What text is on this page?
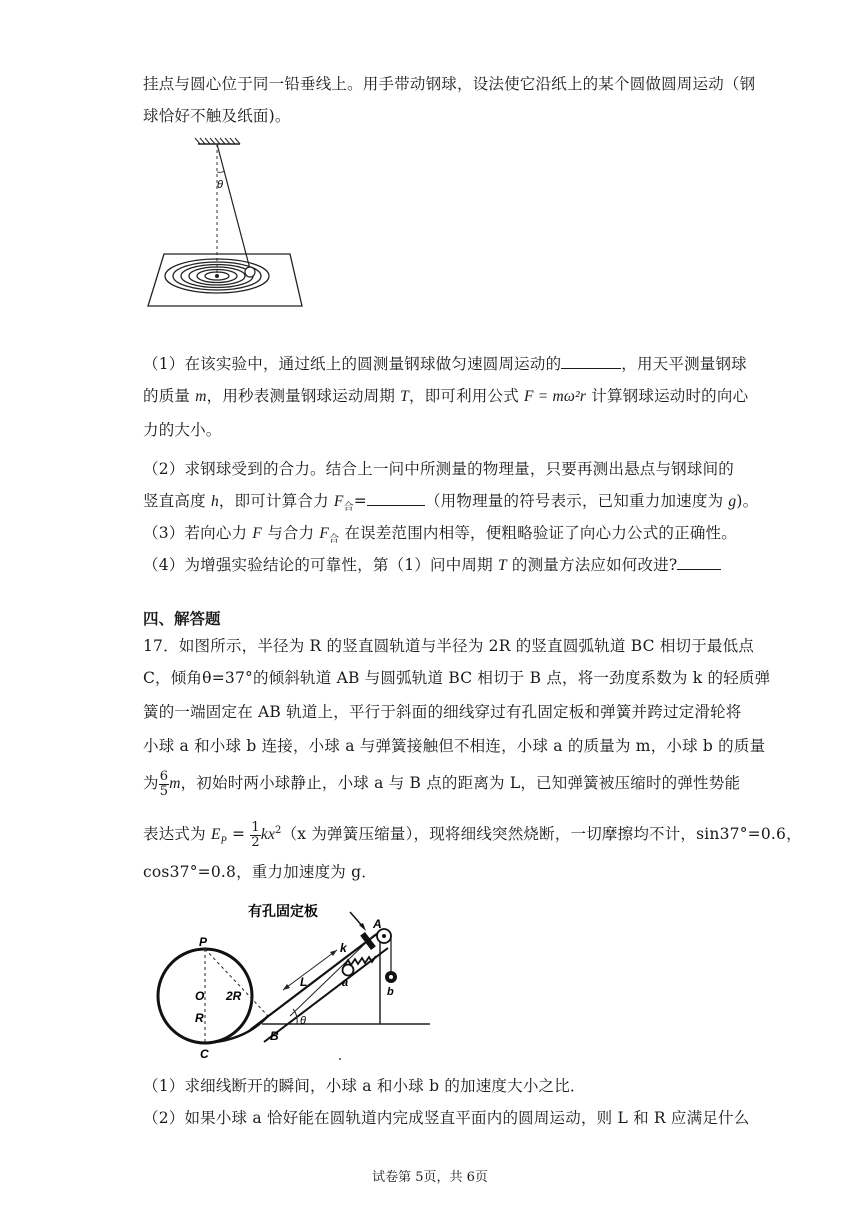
挂点与圆心位于同一铅垂线上。用手带动钢球，设法使它沿纸上的某个圆做圆周运动（钢
球恰好不触及纸面)。
θ
（1）在该实验中，通过纸上的圆测量钢球做匀速圆周运动的	，用天平测量钢球
的质量 m，用秒表测量钢球运动周期 T，即可利用公式 F = mω²r 计算钢球运动时的向心
力的大小。
（2）求钢球受到的合力。结合上一问中所测量的物理量，只要再测出悬点与钢球间的
竖直高度 h，即可计算合力 $F_合=$	（用物理量的符号表示，已知重力加速度为 g)。
（3）若向心力 F 与合力 $F_合$ 在误差范围内相等，便粗略验证了向心力公式的正确性。
（4）为增强实验结论的可靠性，第（1）问中周期 T 的测量方法应如何改进?
四、解答题
17．如图所示，半径为 R 的竖直圆轨道与半径为 2R 的竖直圆弧轨道 BC 相切于最低点
C，倾角θ=37°的倾斜轨道 AB 与圆弧轨道 BC 相切于 B 点，将一劲度系数为 k 的轻质弹
簧的一端固定在 AB 轨道上，平行于斜面的细线穿过有孔固定板和弹簧并跨过定滑轮将
小球 a 和小球 b 连接，小球 a 与弹簧接触但不相连，小球 a 的质量为 m，小球 b 的质量
为 $\frac{6}{5}$ m，初始时两小球静止，小球 a 与 B 点的距离为 L，已知弹簧被压缩时的弹性势能
表达式为 $E_P = \frac{1}{2} kx^2(x$ 为弹簧压缩量），现将细线突然烧断，一切摩擦均不计，sin37°=0.6，
cos37°=0.8，重力加速度为 g．
有孔固定板
P
O
R
C
2R
L
B
θ
k
a
A
b
（1）求细线断开的瞬间，小球 a 和小球 b 的加速度大小之比．
（2）如果小球 a 恰好能在圆轨道内完成竖直平面内的圆周运动，则 L 和 R 应满足什么
试卷第 5页，共 6页
